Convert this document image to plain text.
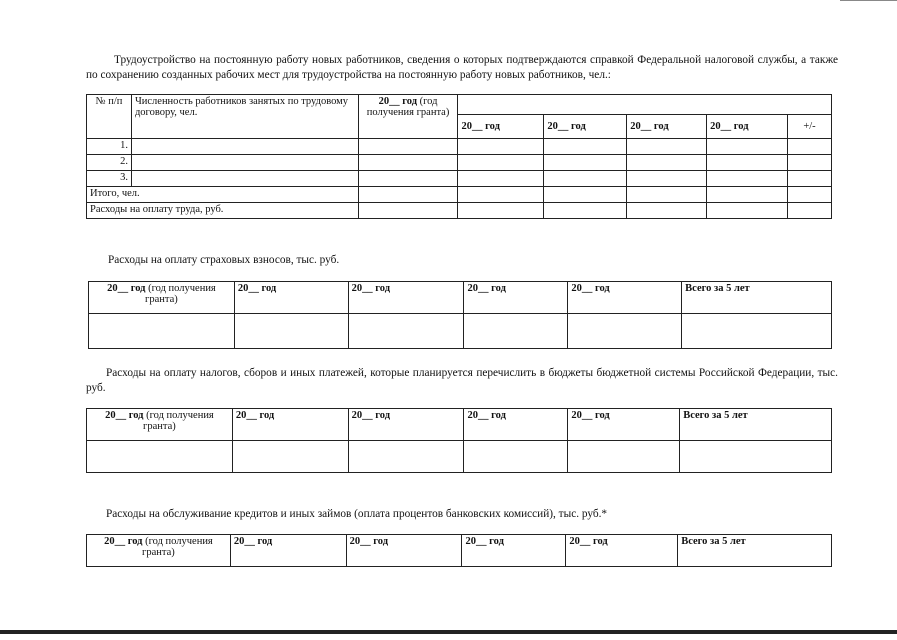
Трудоустройство на постоянную работу новых работников, сведения о которых подтверждаются справкой Федеральной налоговой службы, а также по сохранению созданных рабочих мест для трудоустройства на постоянную работу новых работников, чел.:

№ п/п	Численность работников занятых по трудовому договору, чел.	20__ год (год получения гранта)					
			20__ год	20__ год	20__ год	20__ год	+/-
1.							
2.							
3.							
Итого, чел.							
Расходы на оплату труда, руб.							

Расходы на оплату страховых взносов, тыс. руб.

20__ год (год получения гранта)	20__ год	20__ год	20__ год	20__ год	Всего за 5 лет

Расходы на оплату налогов, сборов и иных платежей, которые планируется перечислить в бюджеты бюджетной системы Российской Федерации, тыс. руб.

20__ год (год получения гранта)	20__ год	20__ год	20__ год	20__ год	Всего за 5 лет

Расходы на обслуживание кредитов и иных займов (оплата процентов банковских комиссий), тыс. руб.*

20__ год (год получения гранта)	20__ год	20__ год	20__ год	20__ год	Всего за 5 лет
